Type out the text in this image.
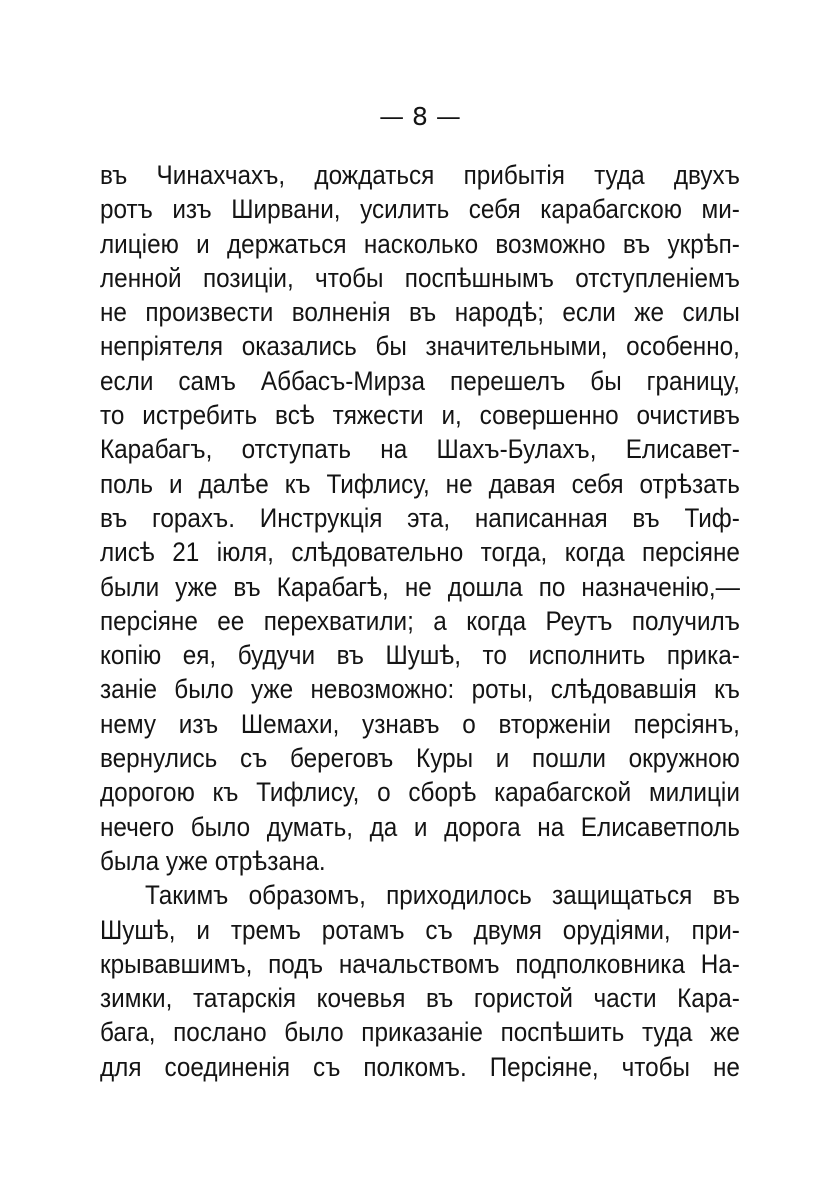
— 8 —
въ Чинахчахъ, дождаться прибытія туда двухъ
ротъ изъ Ширвани, усилить себя карабагскою ми-
лиціею и держаться насколько возможно въ укрѣп-
ленной позиціи, чтобы поспѣшнымъ отступленіемъ
не произвести волненія въ народѣ; если же силы
непріятеля оказались бы значительными, особенно,
если самъ Аббасъ-Мирза перешелъ бы границу,
то истребить всѣ тяжести и, совершенно очистивъ
Карабагъ, отступать на Шахъ-Булахъ, Елисавет-
поль и далѣе къ Тифлису, не давая себя отрѣзать
въ горахъ. Инструкція эта, написанная въ Тиф-
лисѣ 21 іюля, слѣдовательно тогда, когда персіяне
были уже въ Карабагѣ, не дошла по назначенію,—
персіяне ее перехватили; а когда Реутъ получилъ
копію ея, будучи въ Шушѣ, то исполнить прика-
заніе было уже невозможно: роты, слѣдовавшія къ
нему изъ Шемахи, узнавъ о вторженіи персіянъ,
вернулись съ береговъ Куры и пошли окружною
дорогою къ Тифлису, о сборѣ карабагской милиціи
нечего было думать, да и дорога на Елисаветполь
была уже отрѣзана.
Такимъ образомъ, приходилось защищаться въ
Шушѣ, и тремъ ротамъ съ двумя орудіями, при-
крывавшимъ, подъ начальствомъ подполковника На-
зимки, татарскія кочевья въ гористой части Кара-
бага, послано было приказаніе поспѣшить туда же
для соединенія съ полкомъ. Персіяне, чтобы не
